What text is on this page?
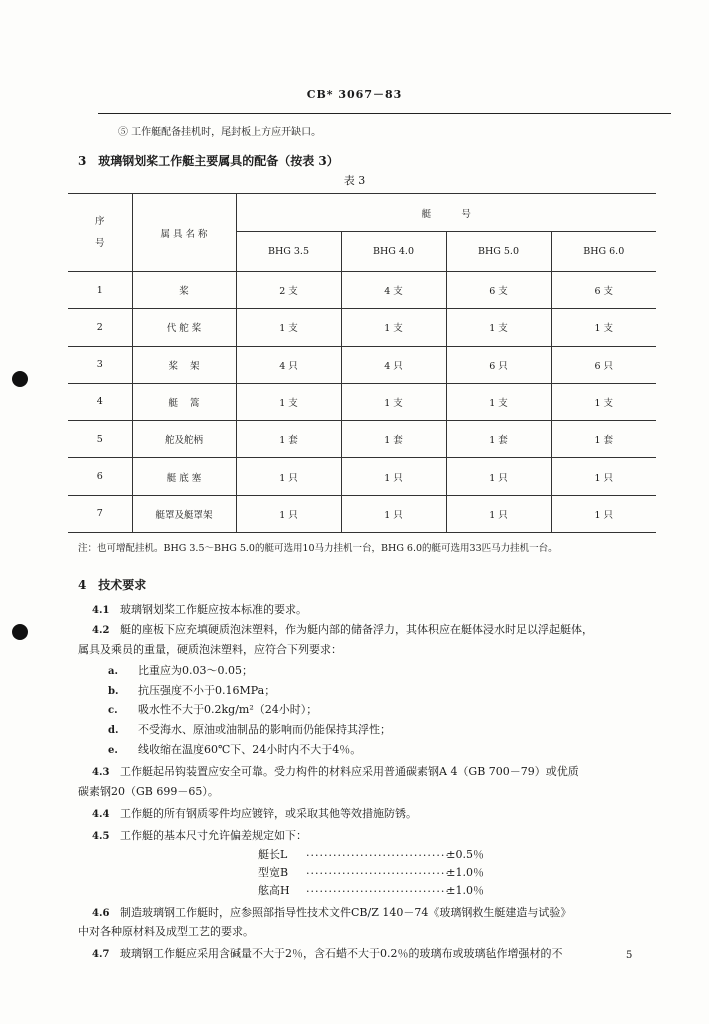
CB* 3067－83
⑤ 工作艇配备挂机时，尾封板上方应开缺口。
3 玻璃钢划桨工作艇主要属具的配备（按表 3）
表 3
序
号	属 具 名 称	艇          号			
		BHG 3.5	BHG 4.0	BHG 5.0	BHG 6.0
1	桨	2 支	4 支	6 支	6 支
2	代 舵 桨	1 支	1 支	1 支	1 支
3	桨    架	4 只	4 只	6 只	6 只
4	艇    篙	1 支	1 支	1 支	1 支
5	舵及舵柄	1 套	1 套	1 套	1 套
6	艇 底 塞	1 只	1 只	1 只	1 只
7	艇罩及艇罩架	1 只	1 只	1 只	1 只
注：也可增配挂机。BHG 3.5～BHG 5.0的艇可选用10马力挂机一台，BHG 6.0的艇可选用33匹马力挂机一台。
4 技术要求
4.1 玻璃钢划桨工作艇应按本标准的要求。
4.2 艇的座板下应充填硬质泡沫塑料，作为艇内部的储备浮力，其体积应在艇体浸水时足以浮起艇体，
属具及乘员的重量，硬质泡沫塑料，应符合下列要求：
a. 比重应为0.03～0.05；
b. 抗压强度不小于0.16MPa；
c. 吸水性不大于0.2kg/m²（24小时）；
d. 不受海水、原油或油制品的影响而仍能保持其浮性；
e. 线收缩在温度60℃下、24小时内不大于4％。
4.3 工作艇起吊钩装置应安全可靠。受力构件的材料应采用普通碳素钢A 4（GB 700－79）或优质
碳素钢20（GB 699－65）。
4.4 工作艇的所有钢质零件均应镀锌，或采取其他等效措施防锈。
4.5 工作艇的基本尺寸允许偏差规定如下：
艇长L ································±0.5％
型宽B ································±1.0％
舷高H ································±1.0％
4.6 制造玻璃钢工作艇时，应参照部指导性技术文件CB/Z 140－74《玻璃钢救生艇建造与试验》
中对各种原材料及成型工艺的要求。
4.7 玻璃钢工作艇应采用含碱量不大于2％，含石蜡不大于0.2％的玻璃布或玻璃毡作增强材的不	5
